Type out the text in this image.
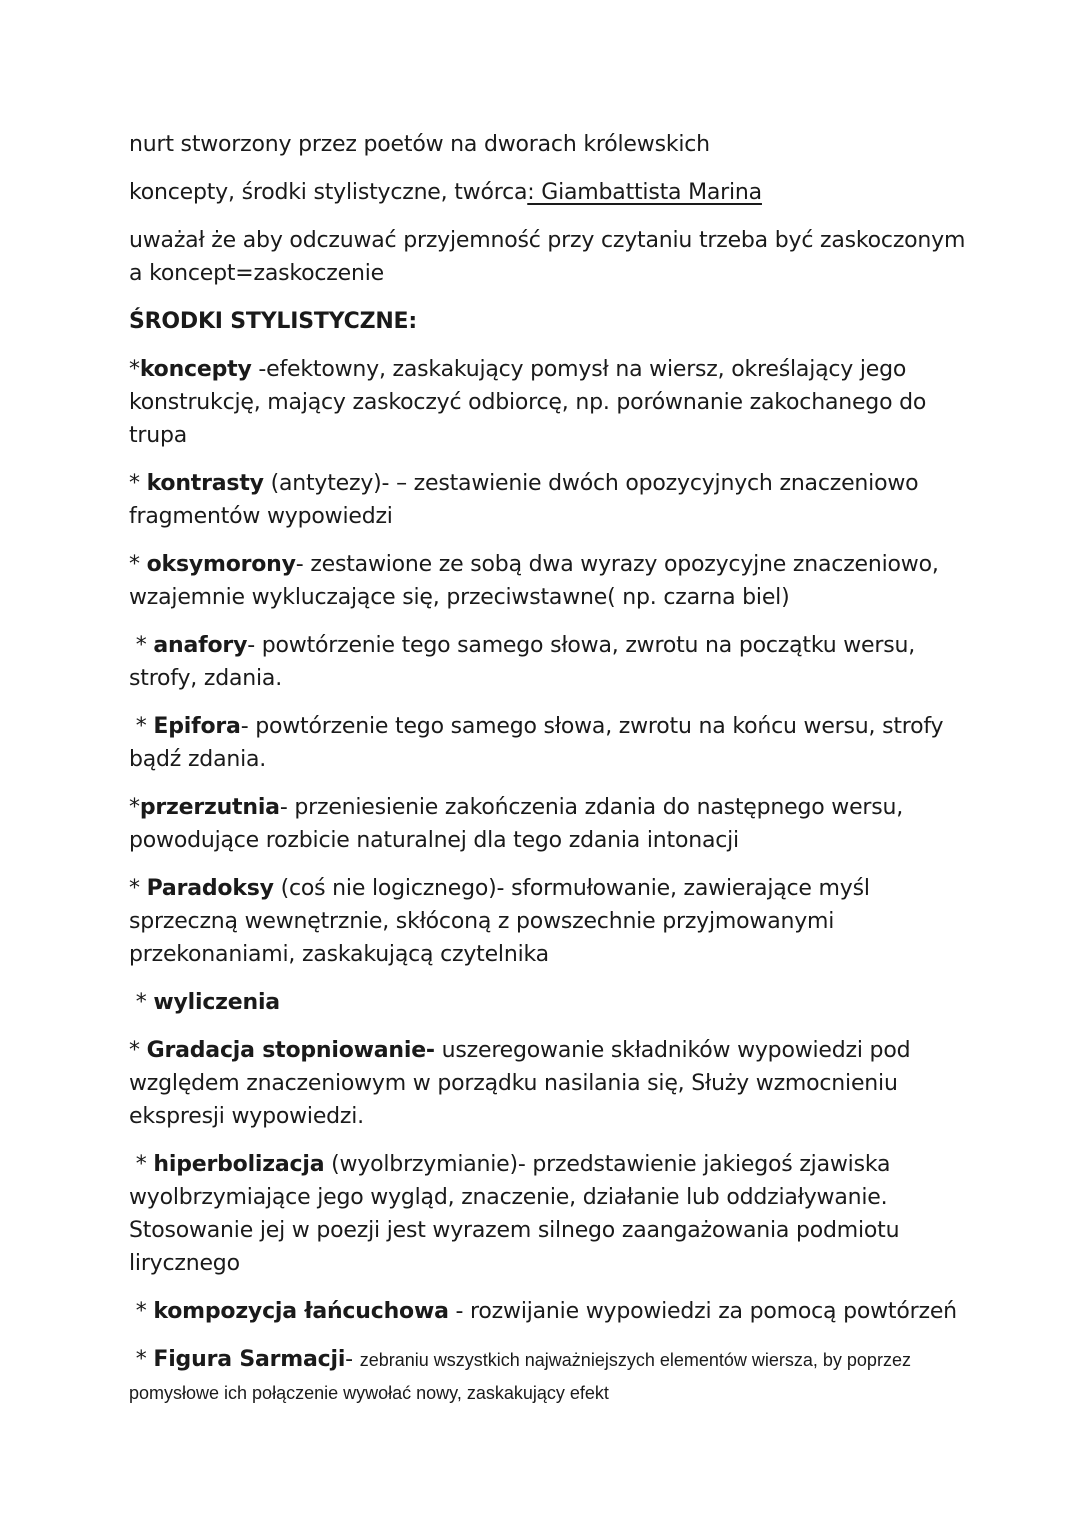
nurt stworzony przez poetów na dworach królewskich

koncepty, środki stylistyczne, twórca: Giambattista Marina

uważał że aby odczuwać przyjemność przy czytaniu trzeba być zaskoczonym a koncept=zaskoczenie

ŚRODKI STYLISTYCZNE:

*koncepty -efektowny, zaskakujący pomysł na wiersz, określający jego konstrukcję, mający zaskoczyć odbiorcę, np. porównanie zakochanego do trupa

* kontrasty (antytezy)- – zestawienie dwóch opozycyjnych znaczeniowo fragmentów wypowiedzi

* oksymorony- zestawione ze sobą dwa wyrazy opozycyjne znaczeniowo, wzajemnie wykluczające się, przeciwstawne( np. czarna biel)

* anafory- powtórzenie tego samego słowa, zwrotu na początku wersu, strofy, zdania.

* Epifora- powtórzenie tego samego słowa, zwrotu na końcu wersu, strofy bądź zdania.

*przerzutnia- przeniesienie zakończenia zdania do następnego wersu, powodujące rozbicie naturalnej dla tego zdania intonacji

* Paradoksy (coś nie logicznego)- sformułowanie, zawierające myśl sprzeczną wewnętrznie, skłóconą z powszechnie przyjmowanymi przekonaniami, zaskakującą czytelnika

* wyliczenia

* Gradacja stopniowanie- uszeregowanie składników wypowiedzi pod względem znaczeniowym w porządku nasilania się, Służy wzmocnieniu ekspresji wypowiedzi.

* hiperbolizacja (wyolbrzymianie)- przedstawienie jakiegoś zjawiska wyolbrzymiające jego wygląd, znaczenie, działanie lub oddziaływanie. Stosowanie jej w poezji jest wyrazem silnego zaangażowania podmiotu lirycznego

* kompozycja łańcuchowa - rozwijanie wypowiedzi za pomocą powtórzeń

* Figura Sarmacji- zebraniu wszystkich najważniejszych elementów wiersza, by poprzez pomysłowe ich połączenie wywołać nowy, zaskakujący efekt
